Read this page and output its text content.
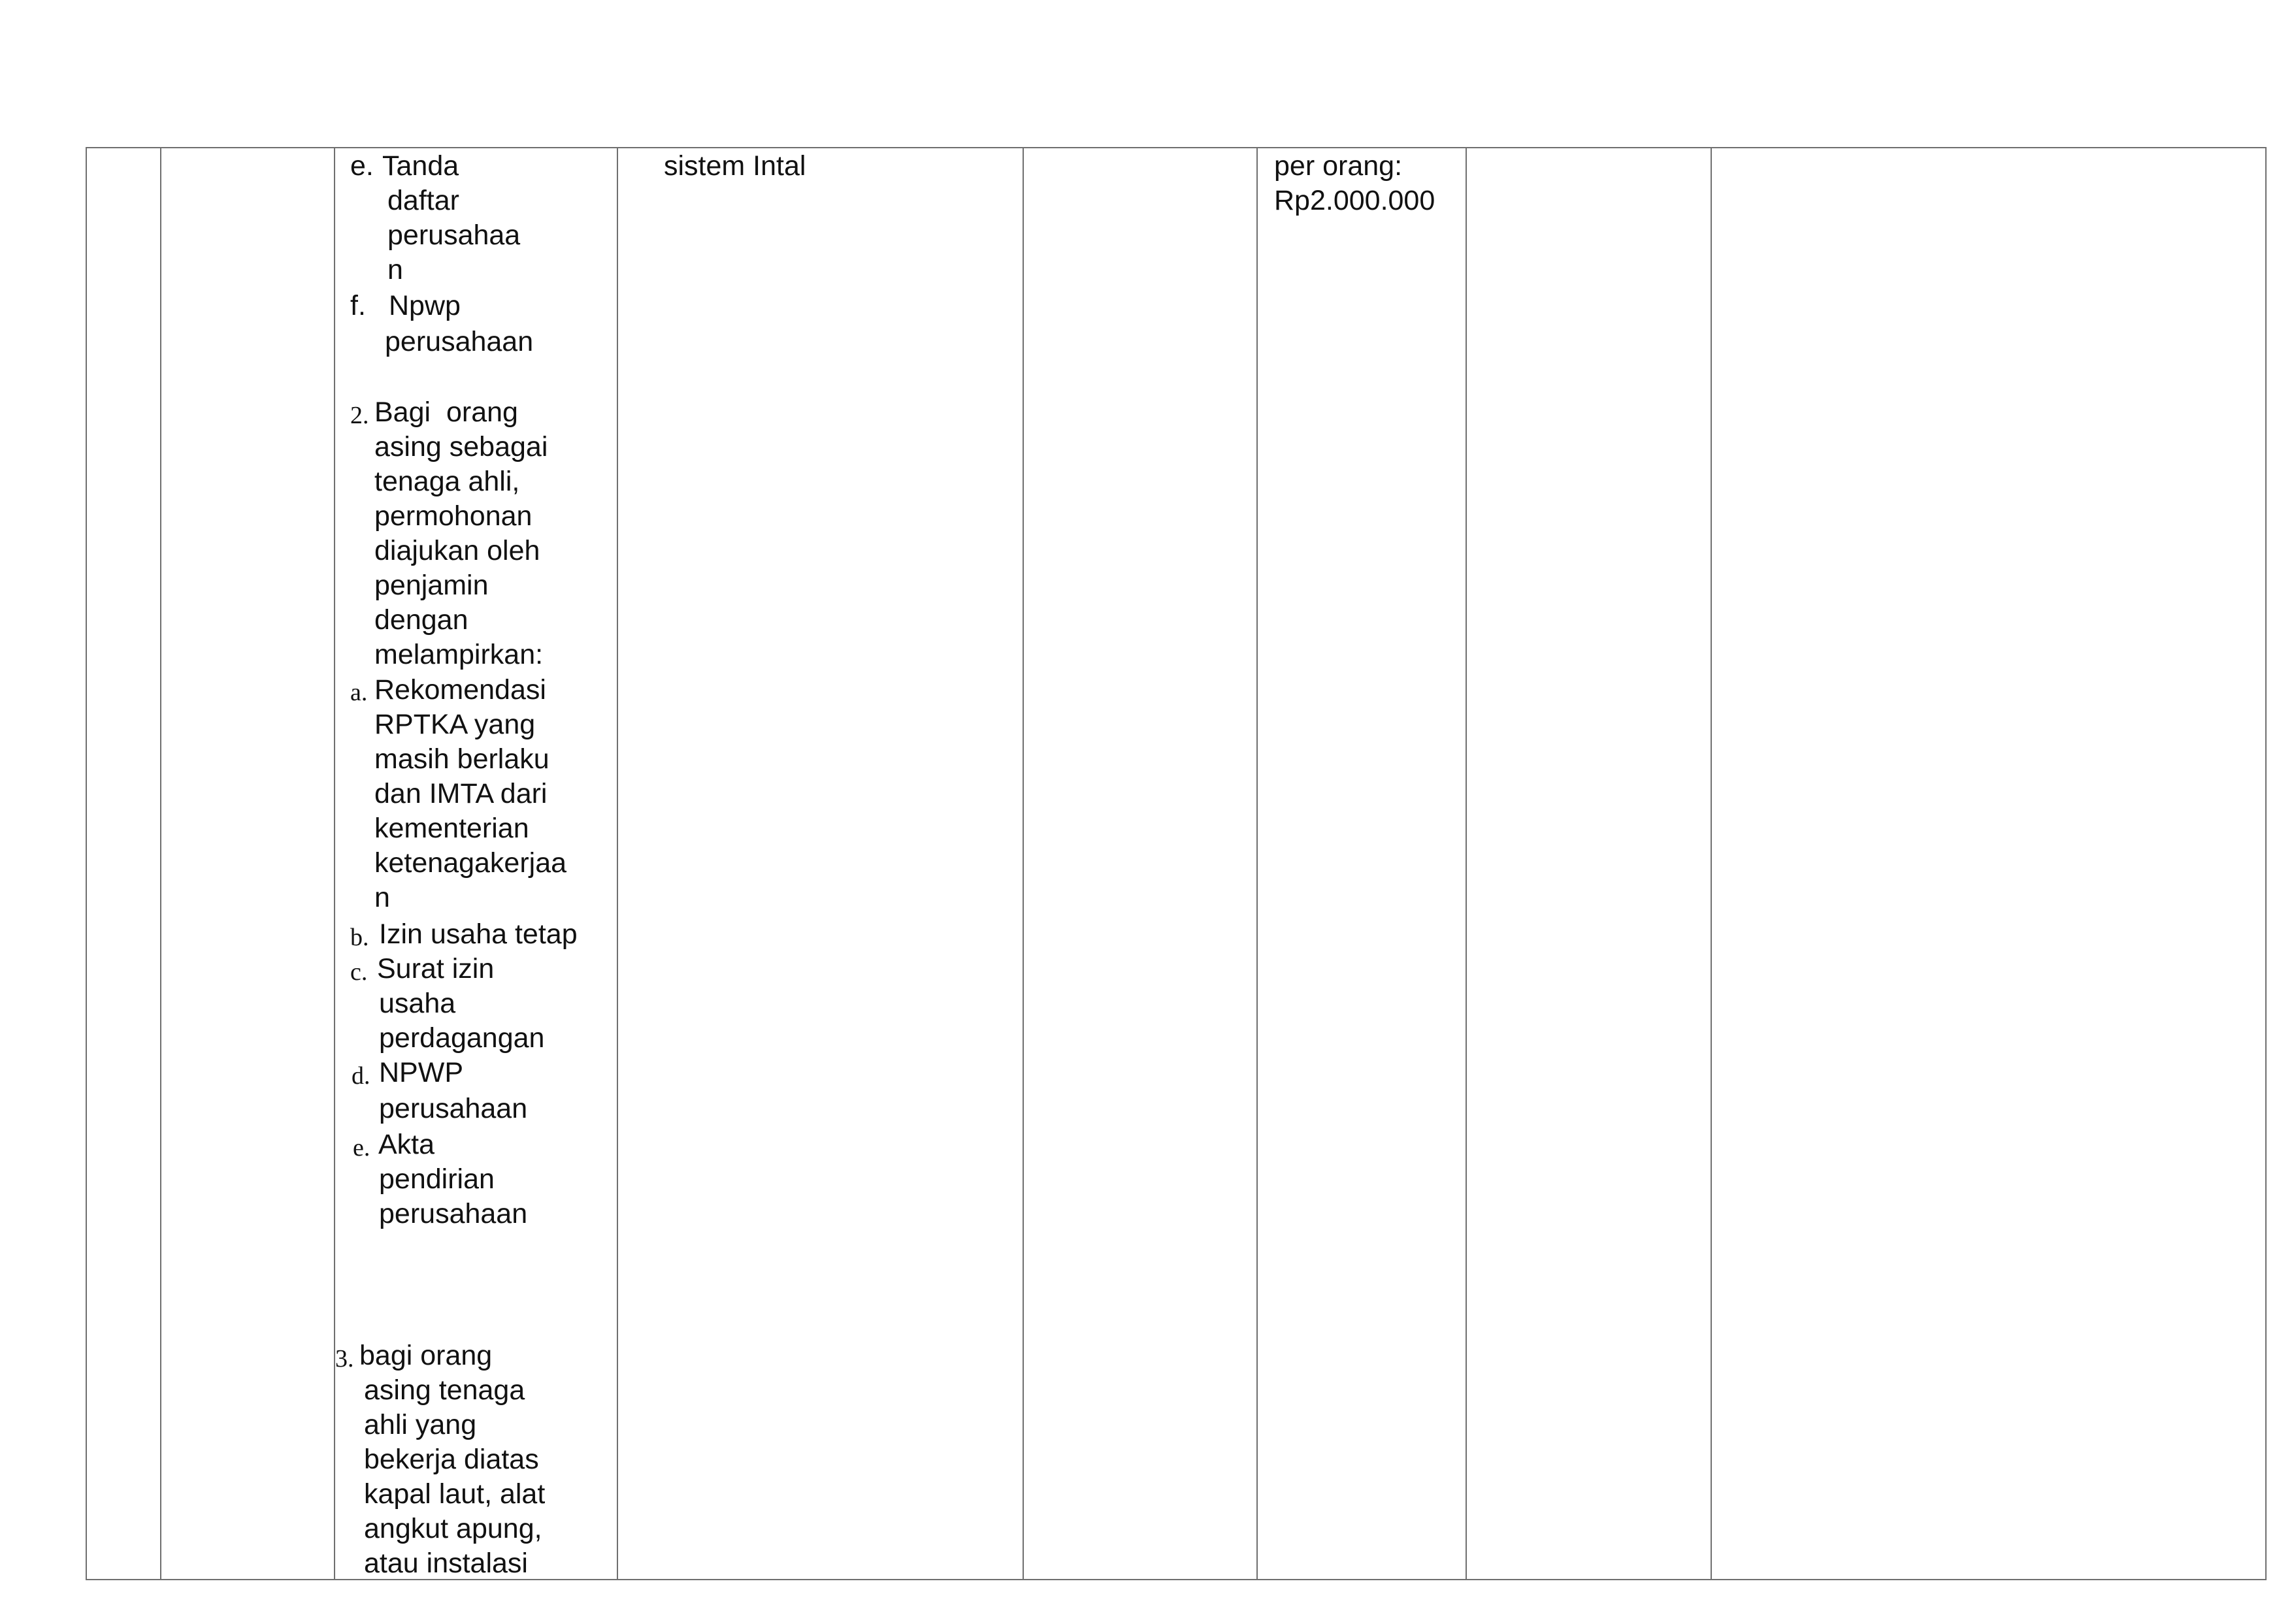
e. Tanda
daftar
perusahaa
n
f. Npwp
perusahaan
2. Bagi  orang
asing sebagai
tenaga ahli,
permohonan
diajukan oleh
penjamin
dengan
melampirkan:
a. Rekomendasi
RPTKA yang
masih berlaku
dan IMTA dari
kementerian
ketenagakerjaa
n
b. Izin usaha tetap
c. Surat izin
usaha
perdagangan
d. NPWP
perusahaan
e. Akta
pendirian
perusahaan
3. bagi orang
asing tenaga
ahli yang
bekerja diatas
kapal laut, alat
angkut apung,
atau instalasi
sistem Intal	per orang:
Rp2.000.000
